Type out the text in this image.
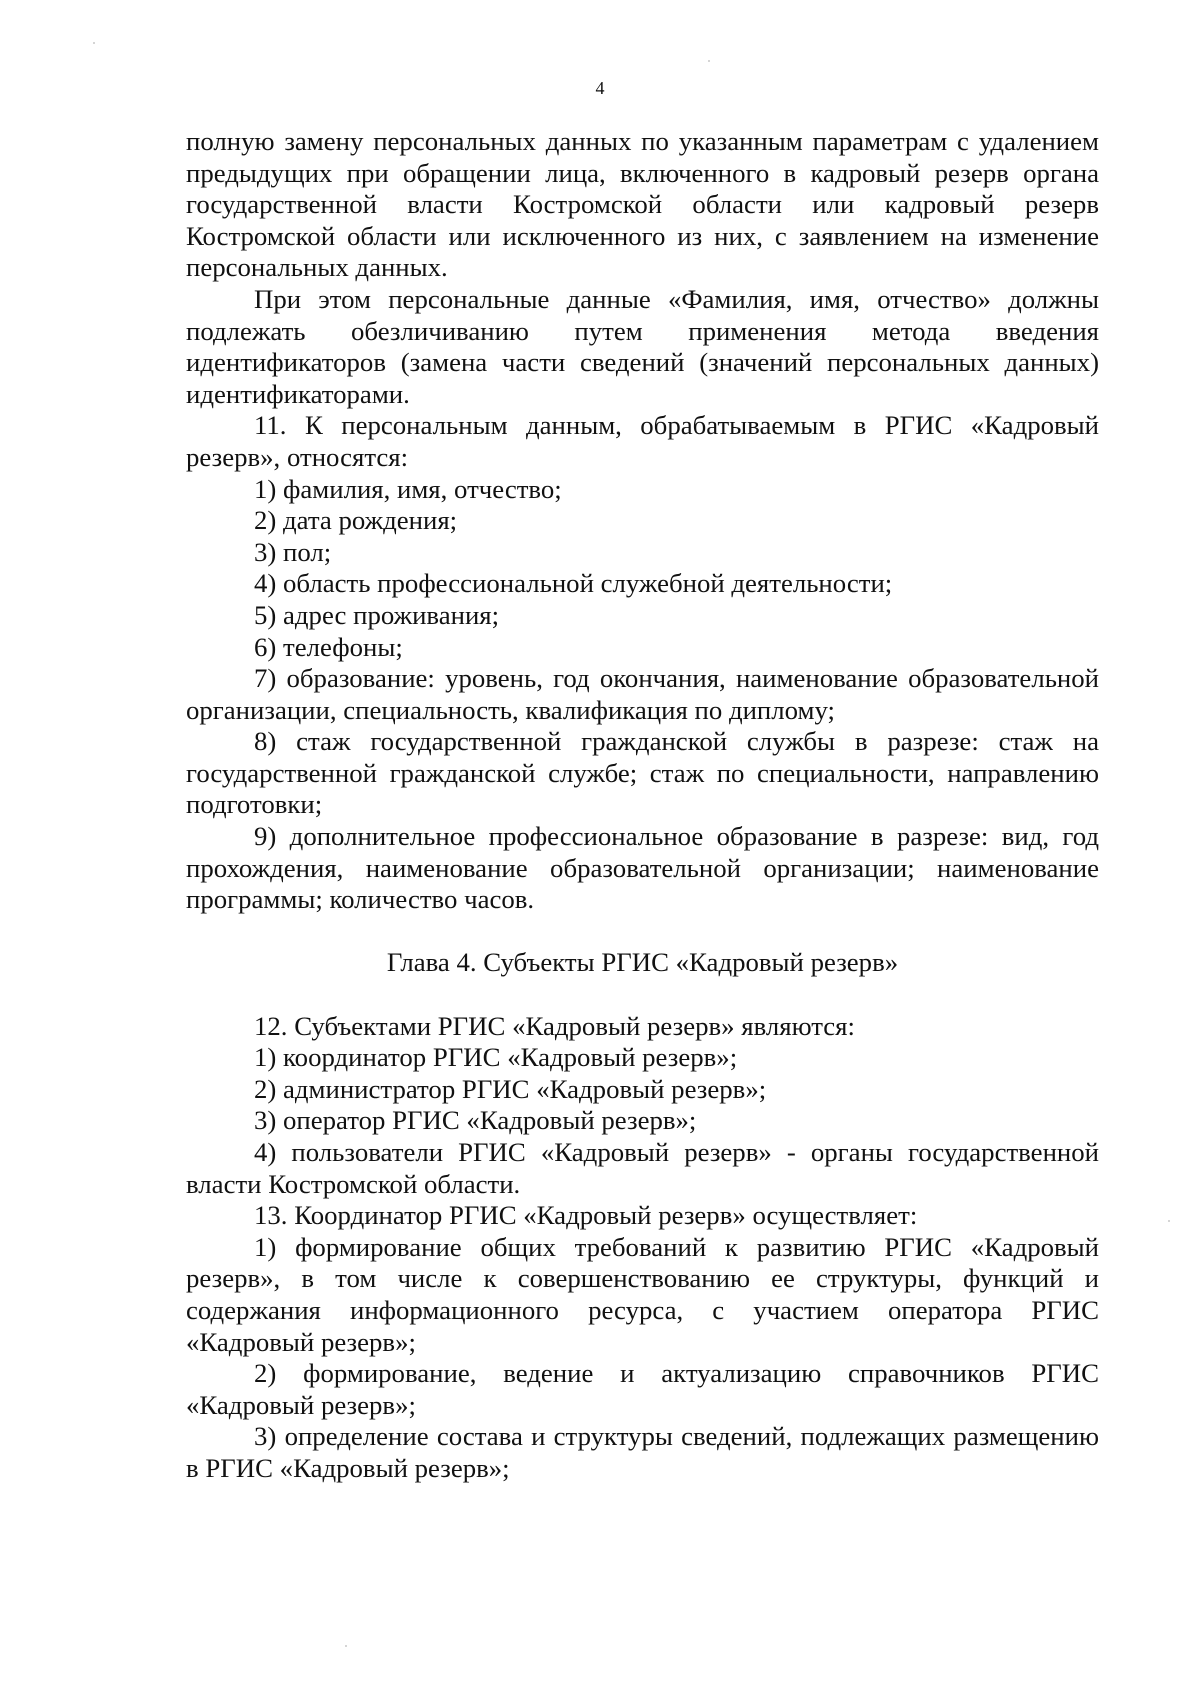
4

полную замену персональных данных по указанным параметрам с удалением предыдущих при обращении лица, включенного в кадровый резерв органа государственной власти Костромской области или кадровый резерв Костромской области или исключенного из них, с заявлением на изменение персональных данных.

При этом персональные данные «Фамилия, имя, отчество» должны подлежать обезличиванию путем применения метода введения идентификаторов (замена части сведений (значений персональных данных) идентификаторами.

11. К персональным данным, обрабатываемым в РГИС «Кадровый резерв», относятся:

1) фамилия, имя, отчество;

2) дата рождения;

3) пол;

4) область профессиональной служебной деятельности;

5) адрес проживания;

6) телефоны;

7) образование: уровень, год окончания, наименование образовательной организации, специальность, квалификация по диплому;

8) стаж государственной гражданской службы в разрезе: стаж на государственной гражданской службе; стаж по специальности, направлению подготовки;

9) дополнительное профессиональное образование в разрезе: вид, год прохождения, наименование образовательной организации; наименование программы; количество часов.

Глава 4. Субъекты РГИС «Кадровый резерв»

12. Субъектами РГИС «Кадровый резерв» являются:

1) координатор РГИС «Кадровый резерв»;

2) администратор РГИС «Кадровый резерв»;

3) оператор РГИС «Кадровый резерв»;

4) пользователи РГИС «Кадровый резерв» - органы государственной власти Костромской области.

13. Координатор РГИС «Кадровый резерв» осуществляет:

1) формирование общих требований к развитию РГИС «Кадровый резерв», в том числе к совершенствованию ее структуры, функций и содержания информационного ресурса, с участием оператора РГИС «Кадровый резерв»;

2) формирование, ведение и актуализацию справочников РГИС «Кадровый резерв»;

3) определение состава и структуры сведений, подлежащих размещению в РГИС «Кадровый резерв»;
